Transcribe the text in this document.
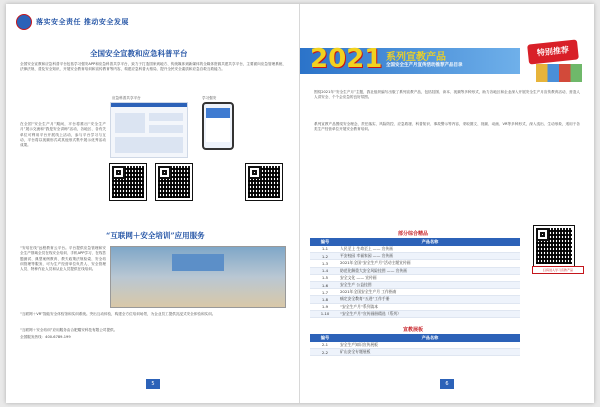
落实安全责任 推动安全发展
全国安全宣教和应急科普平台

全国安全宣教和应急科普平台包括学习强安APP和应急科普共享平台，致力于打造国家到地方、传统媒体到新媒体的全媒体资源共建共享平台，主要面向应急管理系统、法律法规、普及安全知识，开展安全教育培训和宣传教育等内容，构建应急科普大格局，提升全民安全素质和应急自救互救能力。

在全国“安全生产月”期间，平台将推出“安全生产月”展示交流和“我是安全讲师”活动，各地区、各有关单位可利用平台开展线上活动，参与平台学习与互动，平台将以视频形式或其他形式集中展示优秀活动成果。

应急科普共享平台	学习强安
“互联网＋安全培训”应用服务

“安培在线”远程教育云平台。平台提供应急管理和安全生产领域全员在线安全培训、手机APP学习、在线答题测试、典型案例教育、教夫政策法规检索、安全培训管理等服务，可为生产经营单位负责人、安全管理人员、特种作业人员和从业人员提供在线培训。

“互联网＋VR”智能安全体验馆和实训系统。突出互动体验，构建全方位培训场景，为企业员工提供沉浸式安全体验和实训。

“互联网＋安全培训”应用服务由合肥耀安科技有限公司提供。

全国服务热线：400-6789-199

5
2021 系列宣教产品
全国安全生产月宣传活动推荐产品目录
特别推荐

围绕2021年“安全生产月”主题，我社组织编写出版了系列宣教产品，包括挂图、读本、视频等多种形式，助力各地区和企业深入开展安全生产月宣传教育活动，营造人人讲安全、个个会应急的良好氛围。

系列宣教产品围绕安全理念、责任落实、风险防控、应急救援、科普知识、事故警示等内容，采取图文、视频、动画、VR等多种形式，深入浅出、生动形象，适用于各类生产经营单位开展安全教育培训。

部分综合精品
编号	产品名称
1-1	人民至上 生命至上 —— 宣传画
1-2	平安校园 幸福家园 —— 宣传画
1-3	2021年全国“安全生产月”活动主题宣传画
1-4	防范化解重大安全风险挂图 —— 宣传画
1-5	安全文化 —— 宣传画
1-6	安全生产 公益挂图
1-7	2021年全国安全生产月 工作指南
1-8	痛定安全教育“五进”工作手册
1-9	“安全生产月”系列读本
1-10	“安全生产月”宣传画册精选（系列）
扫码进入学习宣教产品
宣教展板
编号	产品名称
2-1	安全生产知识宣传展板
2-2	矿山安全专题展板
6
